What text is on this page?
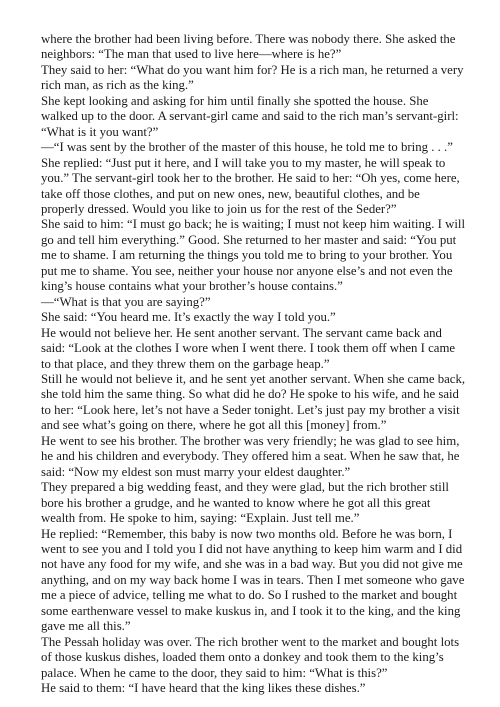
where the brother had been living before. There was nobody there. She asked the neighbors: “The man that used to live here—where is he?”

They said to her: “What do you want him for? He is a rich man, he returned a very rich man, as rich as the king.”

She kept looking and asking for him until finally she spotted the house. She walked up to the door. A servant-girl came and said to the rich man’s servant-girl: “What is it you want?”

—“I was sent by the brother of the master of this house, he told me to bring . . .” She replied: “Just put it here, and I will take you to my master, he will speak to you.” The servant-girl took her to the brother. He said to her: “Oh yes, come here, take off those clothes, and put on new ones, new, beautiful clothes, and be properly dressed. Would you like to join us for the rest of the Seder?”

She said to him: “I must go back; he is waiting; I must not keep him waiting. I will go and tell him everything.” Good. She returned to her master and said: “You put me to shame. I am returning the things you told me to bring to your brother. You put me to shame. You see, neither your house nor anyone else’s and not even the king’s house contains what your brother’s house contains.”

—“What is that you are saying?”

She said: “You heard me. It’s exactly the way I told you.”

He would not believe her. He sent another servant. The servant came back and said: “Look at the clothes I wore when I went there. I took them off when I came to that place, and they threw them on the garbage heap.”

Still he would not believe it, and he sent yet another servant. When she came back, she told him the same thing. So what did he do? He spoke to his wife, and he said to her: “Look here, let’s not have a Seder tonight. Let’s just pay my brother a visit and see what’s going on there, where he got all this [money] from.”

He went to see his brother. The brother was very friendly; he was glad to see him, he and his children and everybody. They offered him a seat. When he saw that, he said: “Now my eldest son must marry your eldest daughter.”

They prepared a big wedding feast, and they were glad, but the rich brother still bore his brother a grudge, and he wanted to know where he got all this great wealth from. He spoke to him, saying: “Explain. Just tell me.”

He replied: “Remember, this baby is now two months old. Before he was born, I went to see you and I told you I did not have anything to keep him warm and I did not have any food for my wife, and she was in a bad way. But you did not give me anything, and on my way back home I was in tears. Then I met someone who gave me a piece of advice, telling me what to do. So I rushed to the market and bought some earthenware vessel to make kuskus in, and I took it to the king, and the king gave me all this.”

The Pessah holiday was over. The rich brother went to the market and bought lots of those kuskus dishes, loaded them onto a donkey and took them to the king’s palace. When he came to the door, they said to him: “What is this?”

He said to them: “I have heard that the king likes these dishes.”
